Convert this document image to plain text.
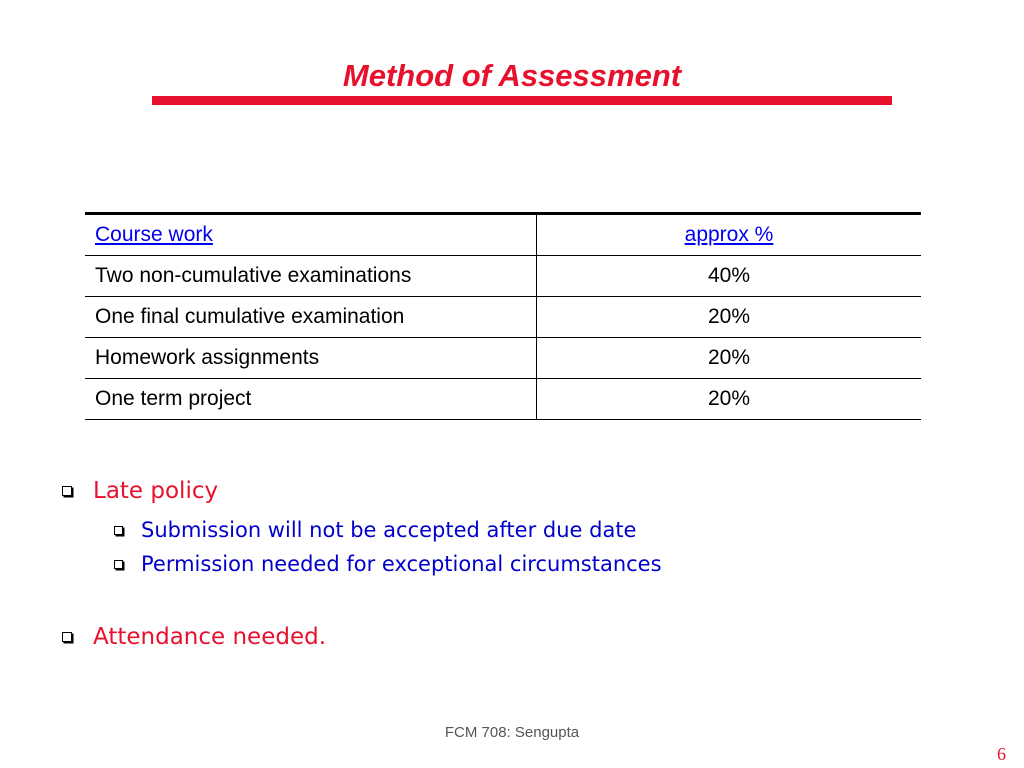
Method of Assessment
Course work	approx %
Two non-cumulative examinations	40%
One final cumulative examination	20%
Homework assignments	20%
One term project	20%
Late policy
Submission will not be accepted after due date
Permission needed for exceptional circumstances
Attendance needed.
FCM 708: Sengupta
6
